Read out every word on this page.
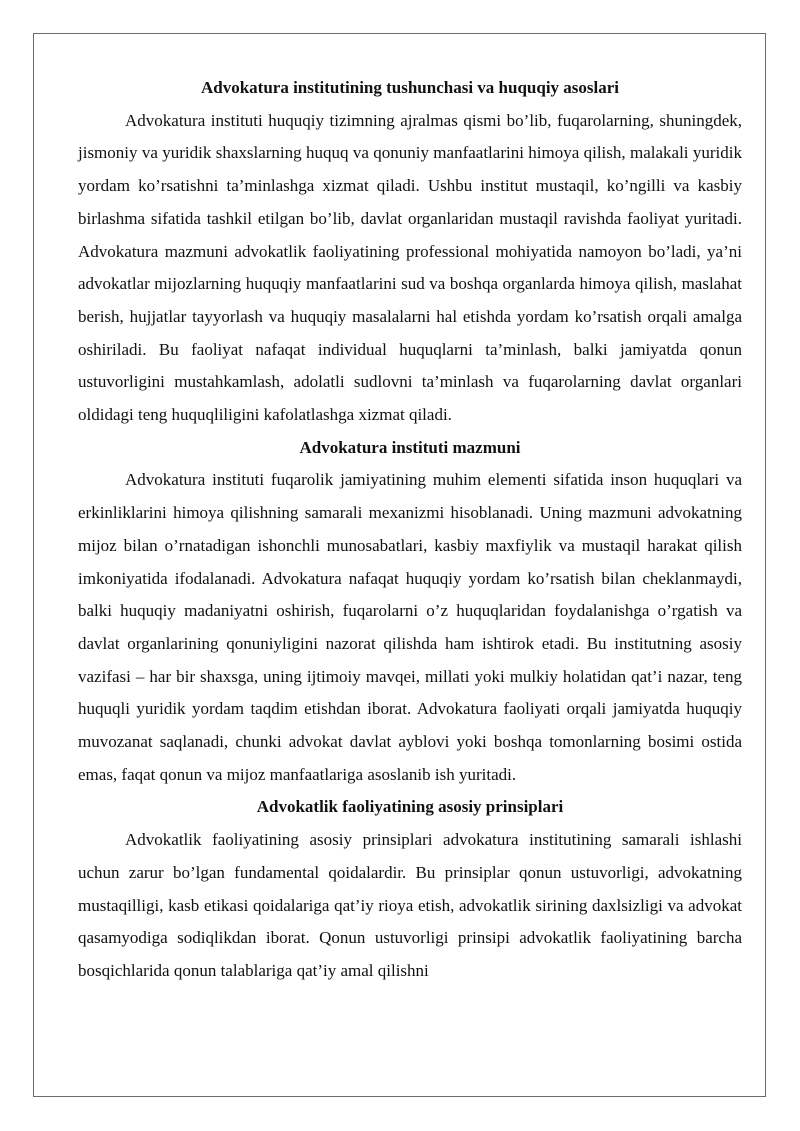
Advokatura institutining tushunchasi va huquqiy asoslari

Advokatura instituti huquqiy tizimning ajralmas qismi bo’lib, fuqarolarning, shuningdek, jismoniy va yuridik shaxslarning huquq va qonuniy manfaatlarini himoya qilish, malakali yuridik yordam ko’rsatishni ta’minlashga xizmat qiladi. Ushbu institut mustaqil, ko’ngilli va kasbiy birlashma sifatida tashkil etilgan bo’lib, davlat organlaridan mustaqil ravishda faoliyat yuritadi. Advokatura mazmuni advokatlik faoliyatining professional mohiyatida namoyon bo’ladi, ya’ni advokatlar mijozlarning huquqiy manfaatlarini sud va boshqa organlarda himoya qilish, maslahat berish, hujjatlar tayyorlash va huquqiy masalalarni hal etishda yordam ko’rsatish orqali amalga oshiriladi. Bu faoliyat nafaqat individual huquqlarni ta’minlash, balki jamiyatda qonun ustuvorligini mustahkamlash, adolatli sudlovni ta’minlash va fuqarolarning davlat organlari oldidagi teng huquqliligini kafolatlashga xizmat qiladi.

Advokatura instituti mazmuni

Advokatura instituti fuqarolik jamiyatining muhim elementi sifatida inson huquqlari va erkinliklarini himoya qilishning samarali mexanizmi hisoblanadi. Uning mazmuni advokatning mijoz bilan o’rnatadigan ishonchli munosabatlari, kasbiy maxfiylik va mustaqil harakat qilish imkoniyatida ifodalanadi. Advokatura nafaqat huquqiy yordam ko’rsatish bilan cheklanmaydi, balki huquqiy madaniyatni oshirish, fuqarolarni o’z huquqlaridan foydalanishga o’rgatish va davlat organlarining qonuniyligini nazorat qilishda ham ishtirok etadi. Bu institutning asosiy vazifasi – har bir shaxsga, uning ijtimoiy mavqei, millati yoki mulkiy holatidan qat’i nazar, teng huquqli yuridik yordam taqdim etishdan iborat. Advokatura faoliyati orqali jamiyatda huquqiy muvozanat saqlanadi, chunki advokat davlat ayblovi yoki boshqa tomonlarning bosimi ostida emas, faqat qonun va mijoz manfaatlariga asoslanib ish yuritadi.

Advokatlik faoliyatining asosiy prinsiplari

Advokatlik faoliyatining asosiy prinsiplari advokatura institutining samarali ishlashi uchun zarur bo’lgan fundamental qoidalardir. Bu prinsiplar qonun ustuvorligi, advokatning mustaqilligi, kasb etikasi qoidalariga qat’iy rioya etish, advokatlik sirining daxlsizligi va advokat qasamyodiga sodiqlikdan iborat. Qonun ustuvorligi prinsipi advokatlik faoliyatining barcha bosqichlarida qonun talablariga qat’iy amal qilishni
